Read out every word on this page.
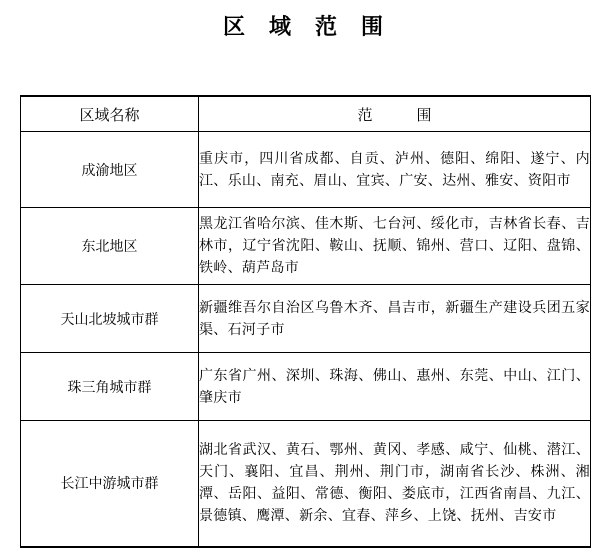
区 域 范 围
区域名称	范 围
成渝地区	重庆市，四川省成都、自贡、泸州、德阳、绵阳、遂宁、内江、乐山、南充、眉山、宜宾、广安、达州、雅安、资阳市
东北地区	黑龙江省哈尔滨、佳木斯、七台河、绥化市，吉林省长春、吉林市，辽宁省沈阳、鞍山、抚顺、锦州、营口、辽阳、盘锦、铁岭、葫芦岛市
天山北坡城市群	新疆维吾尔自治区乌鲁木齐、昌吉市，新疆生产建设兵团五家渠、石河子市
珠三角城市群	广东省广州、深圳、珠海、佛山、惠州、东莞、中山、江门、肇庆市
长江中游城市群	湖北省武汉、黄石、鄂州、黄冈、孝感、咸宁、仙桃、潜江、天门、襄阳、宜昌、荆州、荆门市，湖南省长沙、株洲、湘潭、岳阳、益阳、常德、衡阳、娄底市，江西省南昌、九江、景德镇、鹰潭、新余、宜春、萍乡、上饶、抚州、吉安市
